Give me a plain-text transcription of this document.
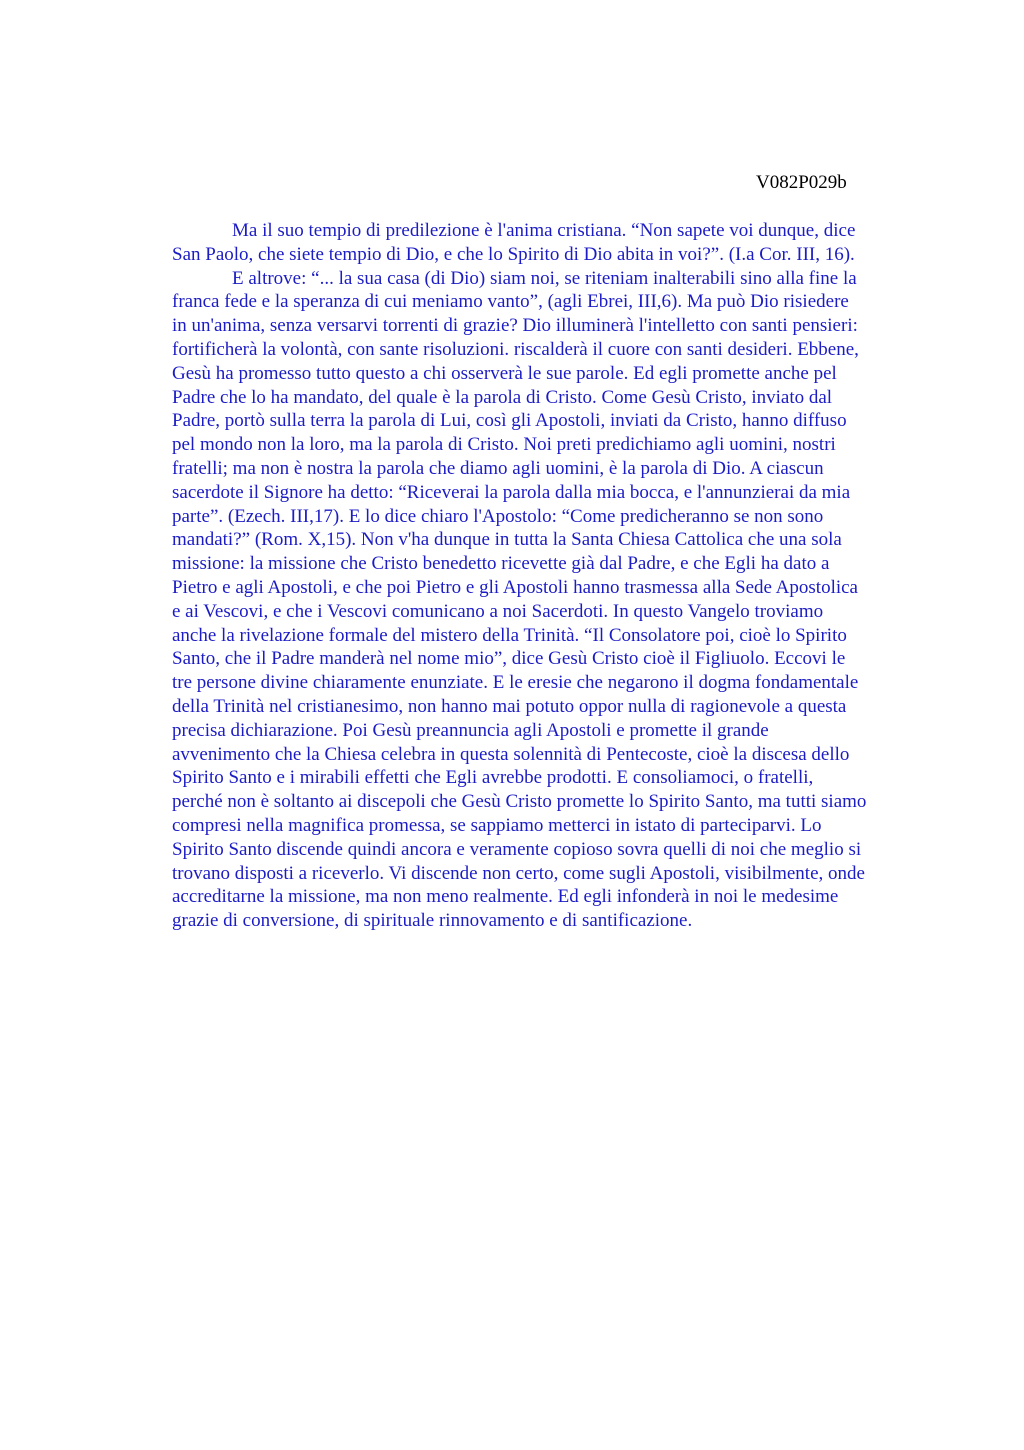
V082P029b
Ma il suo tempio di predilezione è l'anima cristiana. “Non sapete voi dunque, dice
San Paolo, che siete tempio di Dio, e che lo Spirito di Dio abita in voi?”. (I.a Cor. III, 16).
E altrove: “... la sua casa (di Dio) siam noi, se riteniam inalterabili sino alla fine la
franca fede e la speranza di cui meniamo vanto”, (agli Ebrei, III,6). Ma può Dio risiedere
in un'anima, senza versarvi torrenti di grazie? Dio illuminerà l'intelletto con santi pensieri:
fortificherà la volontà, con sante risoluzioni. riscalderà il cuore con santi desideri. Ebbene,
Gesù ha promesso tutto questo a chi osserverà le sue parole. Ed egli promette anche pel
Padre che lo ha mandato, del quale è la parola di Cristo. Come Gesù Cristo, inviato dal
Padre, portò sulla terra la parola di Lui, così gli Apostoli, inviati da Cristo, hanno diffuso
pel mondo non la loro, ma la parola di Cristo. Noi preti predichiamo agli uomini, nostri
fratelli; ma non è nostra la parola che diamo agli uomini, è la parola di Dio. A ciascun
sacerdote il Signore ha detto: “Riceverai la parola dalla mia bocca, e l'annunzierai da mia
parte”. (Ezech. III,17). E lo dice chiaro l'Apostolo: “Come predicheranno se non sono
mandati?” (Rom. X,15). Non v'ha dunque in tutta la Santa Chiesa Cattolica che una sola
missione: la missione che Cristo benedetto ricevette già dal Padre, e che Egli ha dato a
Pietro e agli Apostoli, e che poi Pietro e gli Apostoli hanno trasmessa alla Sede Apostolica
e ai Vescovi, e che i Vescovi comunicano a noi Sacerdoti. In questo Vangelo troviamo
anche la rivelazione formale del mistero della Trinità. “Il Consolatore poi, cioè lo Spirito
Santo, che il Padre manderà nel nome mio”, dice Gesù Cristo cioè il Figliuolo. Eccovi le
tre persone divine chiaramente enunziate. E le eresie che negarono il dogma fondamentale
della Trinità nel cristianesimo, non hanno mai potuto oppor nulla di ragionevole a questa
precisa dichiarazione. Poi Gesù preannuncia agli Apostoli e promette il grande
avvenimento che la Chiesa celebra in questa solennità di Pentecoste, cioè la discesa dello
Spirito Santo e i mirabili effetti che Egli avrebbe prodotti. E consoliamoci, o fratelli,
perché non è soltanto ai discepoli che Gesù Cristo promette lo Spirito Santo, ma tutti siamo
compresi nella magnifica promessa, se sappiamo metterci in istato di parteciparvi. Lo
Spirito Santo discende quindi ancora e veramente copioso sovra quelli di noi che meglio si
trovano disposti a riceverlo. Vi discende non certo, come sugli Apostoli, visibilmente, onde
accreditarne la missione, ma non meno realmente. Ed egli infonderà in noi le medesime
grazie di conversione, di spirituale rinnovamento e di santificazione.
